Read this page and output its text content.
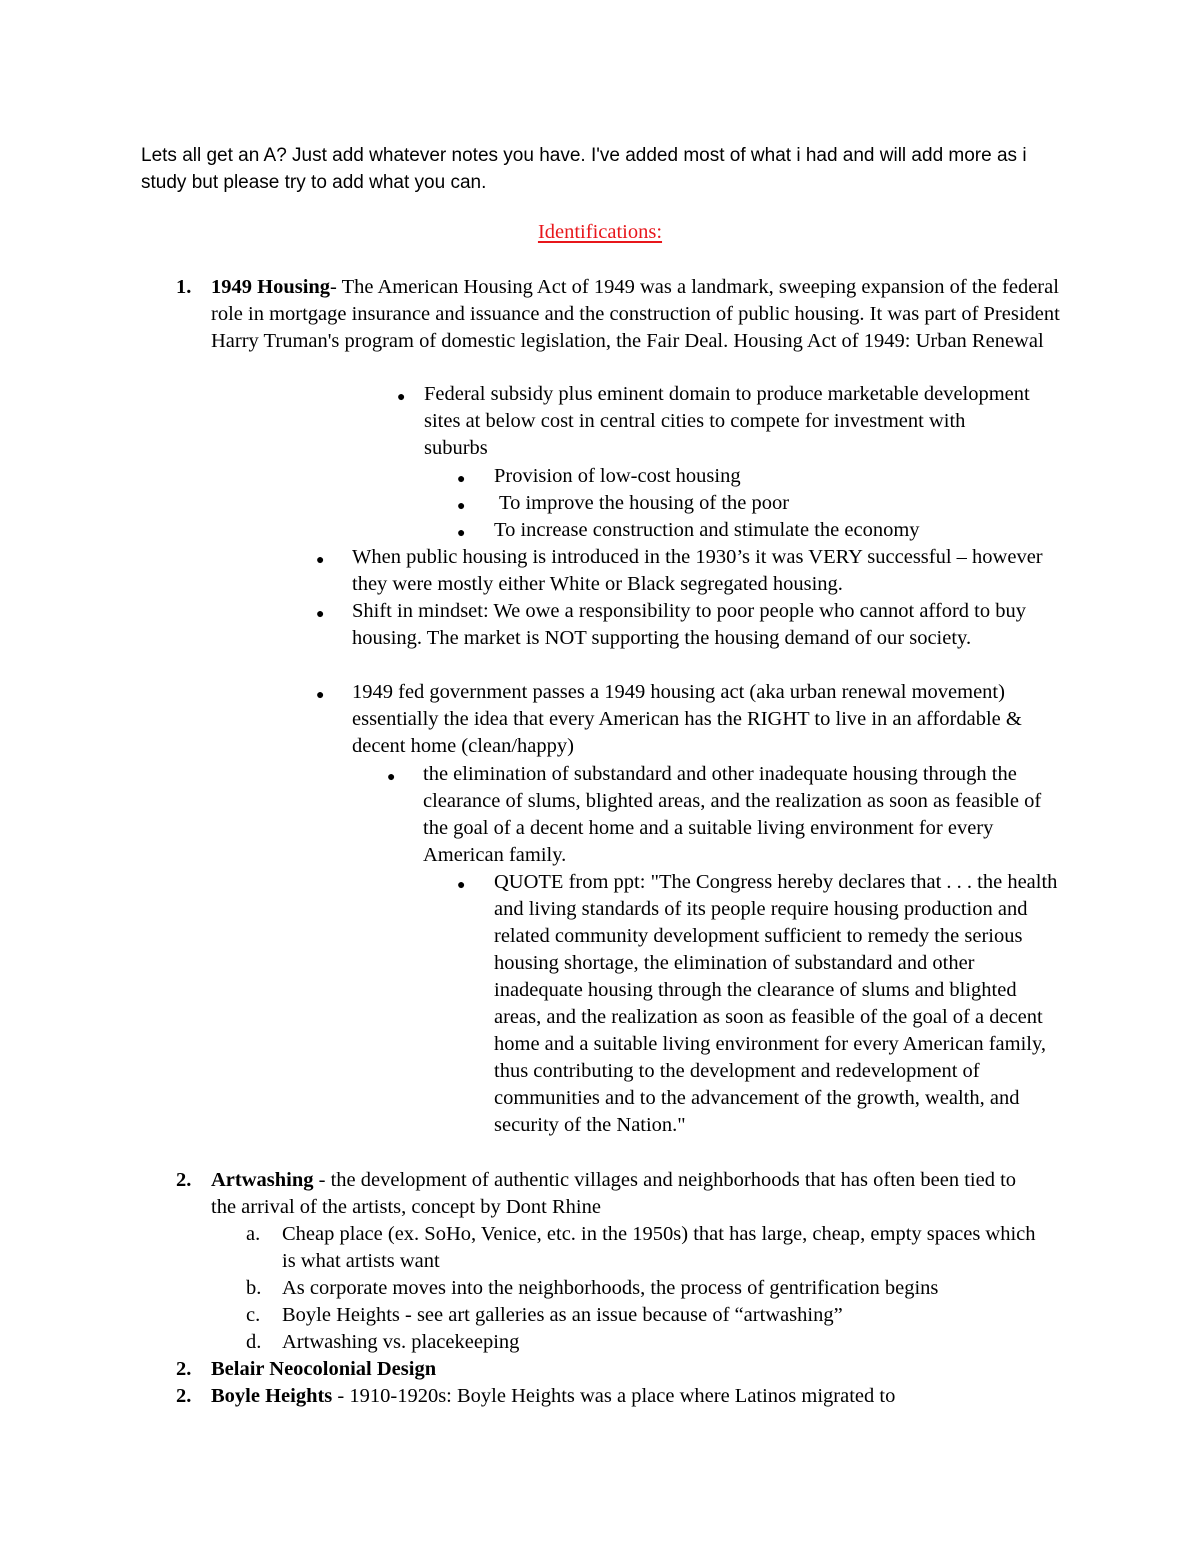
Lets all get an A? Just add whatever notes you have. I've added most of what i had and will add more as i study but please try to add what you can.
Identifications:
1. 1949 Housing- The American Housing Act of 1949 was a landmark, sweeping expansion of the federal role in mortgage insurance and issuance and the construction of public housing. It was part of President Harry Truman's program of domestic legislation, the Fair Deal. Housing Act of 1949: Urban Renewal
● Federal subsidy plus eminent domain to produce marketable development sites at below cost in central cities to compete for investment with suburbs
● Provision of low-cost housing
● To improve the housing of the poor
● To increase construction and stimulate the economy
● When public housing is introduced in the 1930’s it was VERY successful – however they were mostly either White or Black segregated housing.
● Shift in mindset: We owe a responsibility to poor people who cannot afford to buy housing. The market is NOT supporting the housing demand of our society.
● 1949 fed government passes a 1949 housing act (aka urban renewal movement) essentially the idea that every American has the RIGHT to live in an affordable & decent home (clean/happy)
● the elimination of substandard and other inadequate housing through the clearance of slums, blighted areas, and the realization as soon as feasible of the goal of a decent home and a suitable living environment for every American family.
● QUOTE from ppt: "The Congress hereby declares that . . . the health and living standards of its people require housing production and related community development sufficient to remedy the serious housing shortage, the elimination of substandard and other inadequate housing through the clearance of slums and blighted areas, and the realization as soon as feasible of the goal of a decent home and a suitable living environment for every American family, thus contributing to the development and redevelopment of communities and to the advancement of the growth, wealth, and security of the Nation."
2. Artwashing - the development of authentic villages and neighborhoods that has often been tied to the arrival of the artists, concept by Dont Rhine
a. Cheap place (ex. SoHo, Venice, etc. in the 1950s) that has large, cheap, empty spaces which is what artists want
b. As corporate moves into the neighborhoods, the process of gentrification begins
c. Boyle Heights - see art galleries as an issue because of “artwashing”
d. Artwashing vs. placekeeping
2. Belair Neocolonial Design
2. Boyle Heights - 1910-1920s: Boyle Heights was a place where Latinos migrated to
